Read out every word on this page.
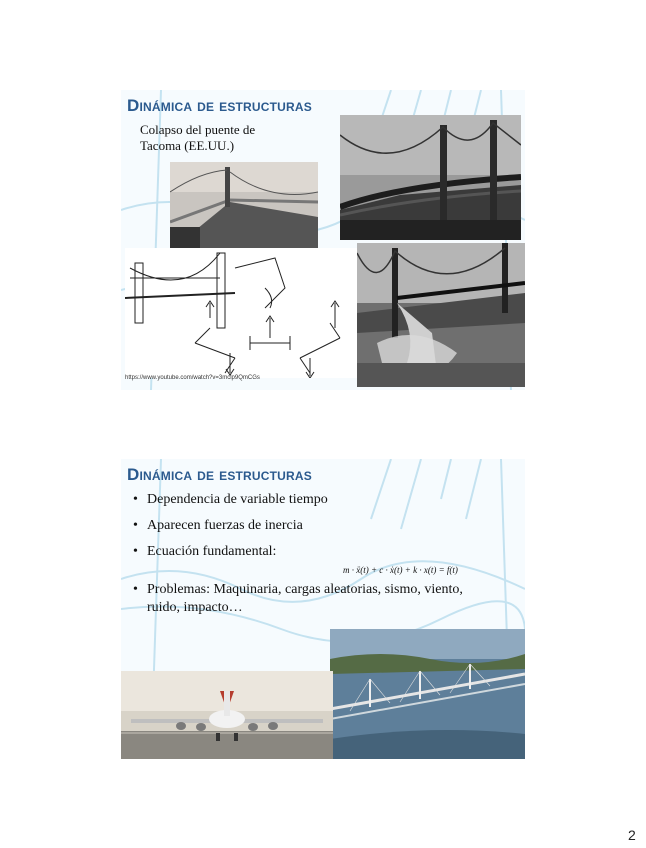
Dinámica de estructuras
Colapso del puente de
Tacoma (EE.UU.)
https://www.youtube.com/watch?v=3mclp9QmCGs
Dinámica de estructuras
• Dependencia de variable tiempo
• Aparecen fuerzas de inercia
• Ecuación fundamental:
• Problemas: Maquinaria, cargas aleatorias, sismo, viento, ruido, impacto…
m · ẍ(t) + c · ẋ(t) + k · x(t) = f(t)
2
